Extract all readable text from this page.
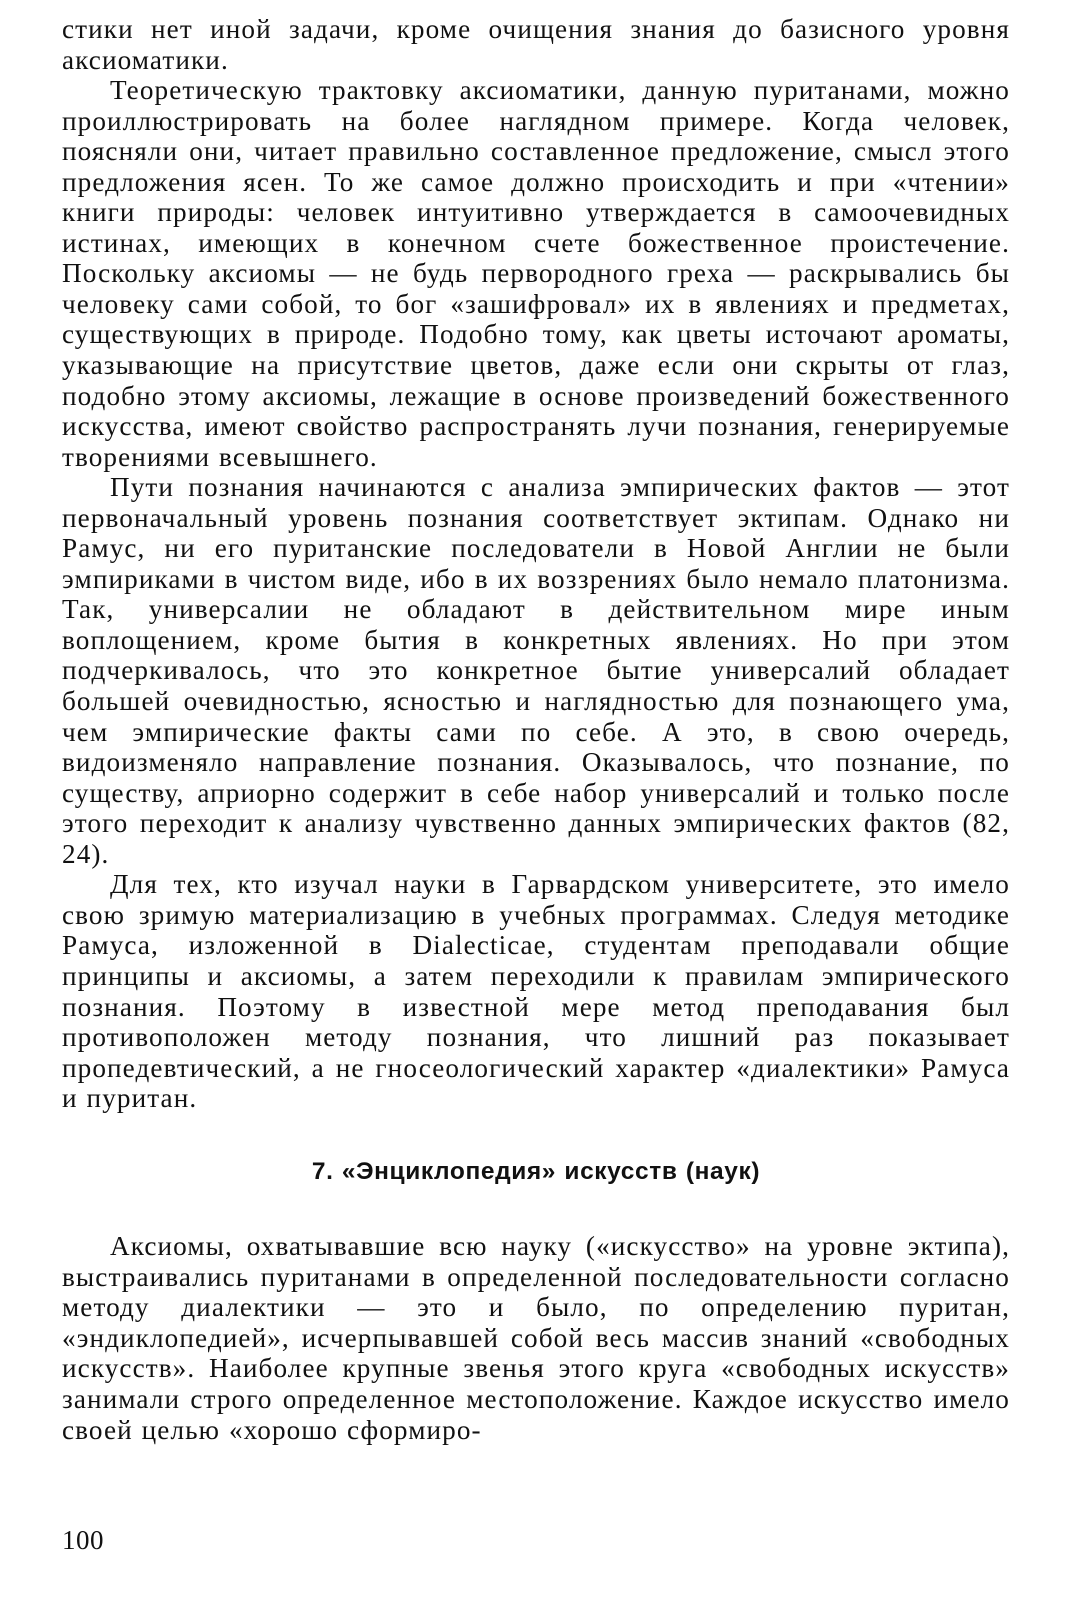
стики нет иной задачи, кроме очищения знания до базисного уровня аксиоматики.

Теоретическую трактовку аксиоматики, данную пуританами, можно проиллюстрировать на более наглядном примере. Когда человек, поясняли они, читает правильно составленное предложение, смысл этого предложения ясен. То же самое должно происходить и при «чтении» книги природы: человек интуитивно утверждается в самоочевидных истинах, имеющих в конечном счете божественное проистечение. Поскольку аксиомы — не будь первородного греха — раскрывались бы человеку сами собой, то бог «зашифровал» их в явлениях и предметах, существующих в природе. Подобно тому, как цветы источают ароматы, указывающие на присутствие цветов, даже если они скрыты от глаз, подобно этому аксиомы, лежащие в основе произведений божественного искусства, имеют свойство распространять лучи познания, генерируемые творениями всевышнего.

Пути познания начинаются с анализа эмпирических фактов — этот первоначальный уровень познания соответствует эктипам. Однако ни Рамус, ни его пуританские последователи в Новой Англии не были эмпириками в чистом виде, ибо в их воззрениях было немало платонизма. Так, универсалии не обладают в действительном мире иным воплощением, кроме бытия в конкретных явлениях. Но при этом подчеркивалось, что это конкретное бытие универсалий обладает большей очевидностью, ясностью и наглядностью для познающего ума, чем эмпирические факты сами по себе. А это, в свою очередь, видоизменяло направление познания. Оказывалось, что познание, по существу, априорно содержит в себе набор универсалий и только после этого переходит к анализу чувственно данных эмпирических фактов (82, 24).

Для тех, кто изучал науки в Гарвардском университете, это имело свою зримую материализацию в учебных программах. Следуя методике Рамуса, изложенной в Dialecticae, студентам преподавали общие принципы и аксиомы, а затем переходили к правилам эмпирического познания. Поэтому в известной мере метод преподавания был противоположен методу познания, что лишний раз показывает пропедевтический, а не гносеологический характер «диалектики» Рамуса и пуритан.

7. «Энциклопедия» искусств (наук)

Аксиомы, охватывавшие всю науку («искусство» на уровне эктипа), выстраивались пуританами в определенной последовательности согласно методу диалектики — это и было, по определению пуритан, «эндиклопедией», исчерпывавшей собой весь массив знаний «свободных искусств». Наиболее крупные звенья этого круга «свободных искусств» занимали строго определенное местоположение. Каждое искусство имело своей целью «хорошо сформиро-

100
